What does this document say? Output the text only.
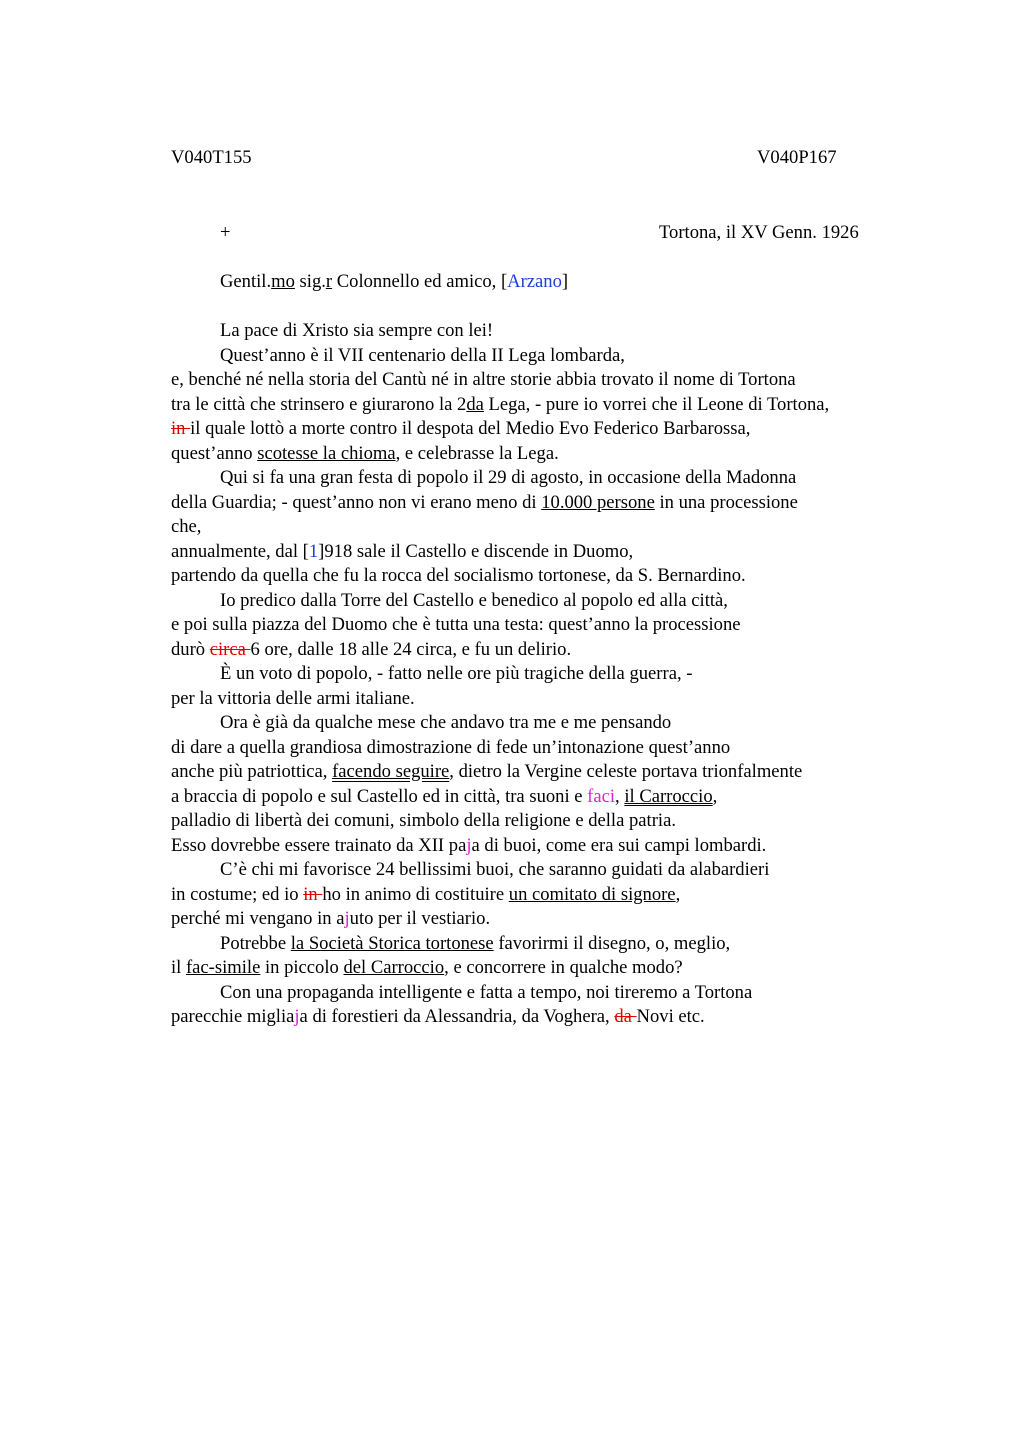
V040T155	V040P167
+	Tortona, il XV Genn. 1926
Gentil.mo sig.r Colonnello ed amico, [Arzano]
La pace di Xristo sia sempre con lei!
Quest’anno è il VII centenario della II Lega lombarda,
e, benché né nella storia del Cantù né in altre storie abbia trovato il nome di Tortona
tra le città che strinsero e giurarono la 2da Lega, - pure io vorrei che il Leone di Tortona,
in il quale lottò a morte contro il despota del Medio Evo Federico Barbarossa,
quest’anno scotesse la chioma, e celebrasse la Lega.
Qui si fa una gran festa di popolo il 29 di agosto, in occasione della Madonna
della Guardia; - quest’anno non vi erano meno di 10.000 persone in una processione
che,
annualmente, dal [1]918 sale il Castello e discende in Duomo,
partendo da quella che fu la rocca del socialismo tortonese, da S. Bernardino.
Io predico dalla Torre del Castello e benedico al popolo ed alla città,
e poi sulla piazza del Duomo che è tutta una testa: quest’anno la processione
durò circa 6 ore, dalle 18 alle 24 circa, e fu un delirio.
È un voto di popolo, - fatto nelle ore più tragiche della guerra, -
per la vittoria delle armi italiane.
Ora è già da qualche mese che andavo tra me e me pensando
di dare a quella grandiosa dimostrazione di fede un’intonazione quest’anno
anche più patriottica, facendo seguire, dietro la Vergine celeste portava trionfalmente
a braccia di popolo e sul Castello ed in città, tra suoni e faci, il Carroccio,
palladio di libertà dei comuni, simbolo della religione e della patria.
Esso dovrebbe essere trainato da XII paja di buoi, come era sui campi lombardi.
C’è chi mi favorisce 24 bellissimi buoi, che saranno guidati da alabardieri
in costume; ed io in ho in animo di costituire un comitato di signore,
perché mi vengano in ajuto per il vestiario.
Potrebbe la Società Storica tortonese favorirmi il disegno, o, meglio,
il fac-simile in piccolo del Carroccio, e concorrere in qualche modo?
Con una propaganda intelligente e fatta a tempo, noi tireremo a Tortona
parecchie migliaja di forestieri da Alessandria, da Voghera, da Novi etc.
